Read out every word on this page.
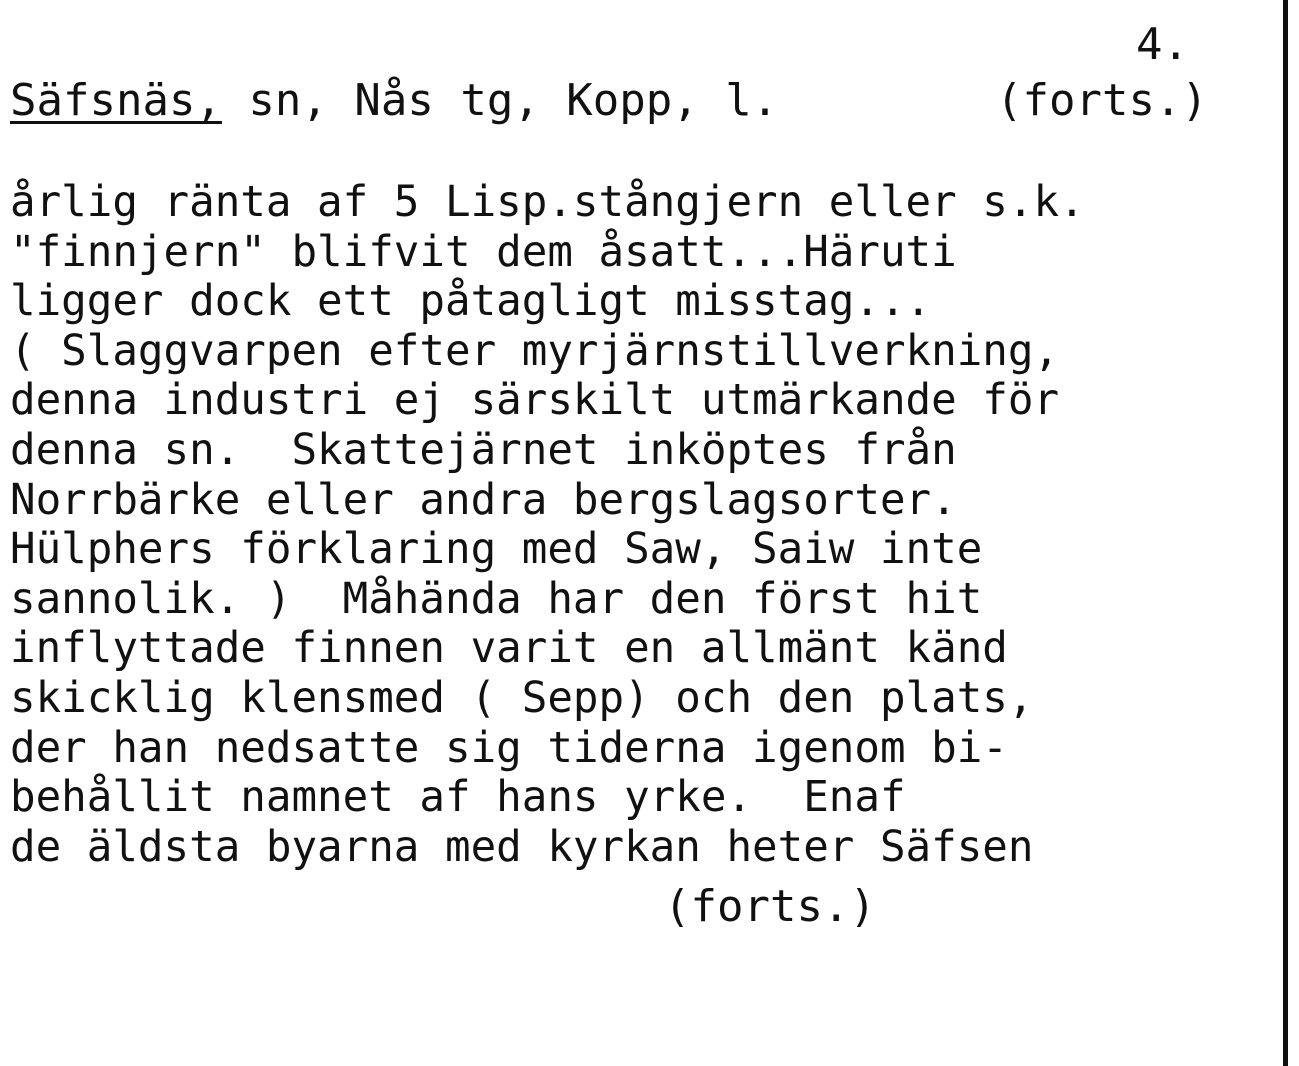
4.
Säfsnäs, sn, Nås tg, Kopp, l.	(forts.)
årlig ränta af 5 Lisp.stångjern eller s.k.
"finnjern" blifvit dem åsatt...Häruti
ligger dock ett påtagligt misstag...
( Slaggvarpen efter myrjärnstillverkning,
denna industri ej särskilt utmärkande för
denna sn.  Skattejärnet inköptes från
Norrbärke eller andra bergslagsorter.
Hülphers förklaring med Saw, Saiw inte
sannolik. )  Måhända har den först hit
inflyttade finnen varit en allmänt känd
skicklig klensmed ( Sepp) och den plats,
der han nedsatte sig tiderna igenom bi-
behållit namnet af hans yrke.  Enaf
de äldsta byarna med kyrkan heter Säfsen
(forts.)
